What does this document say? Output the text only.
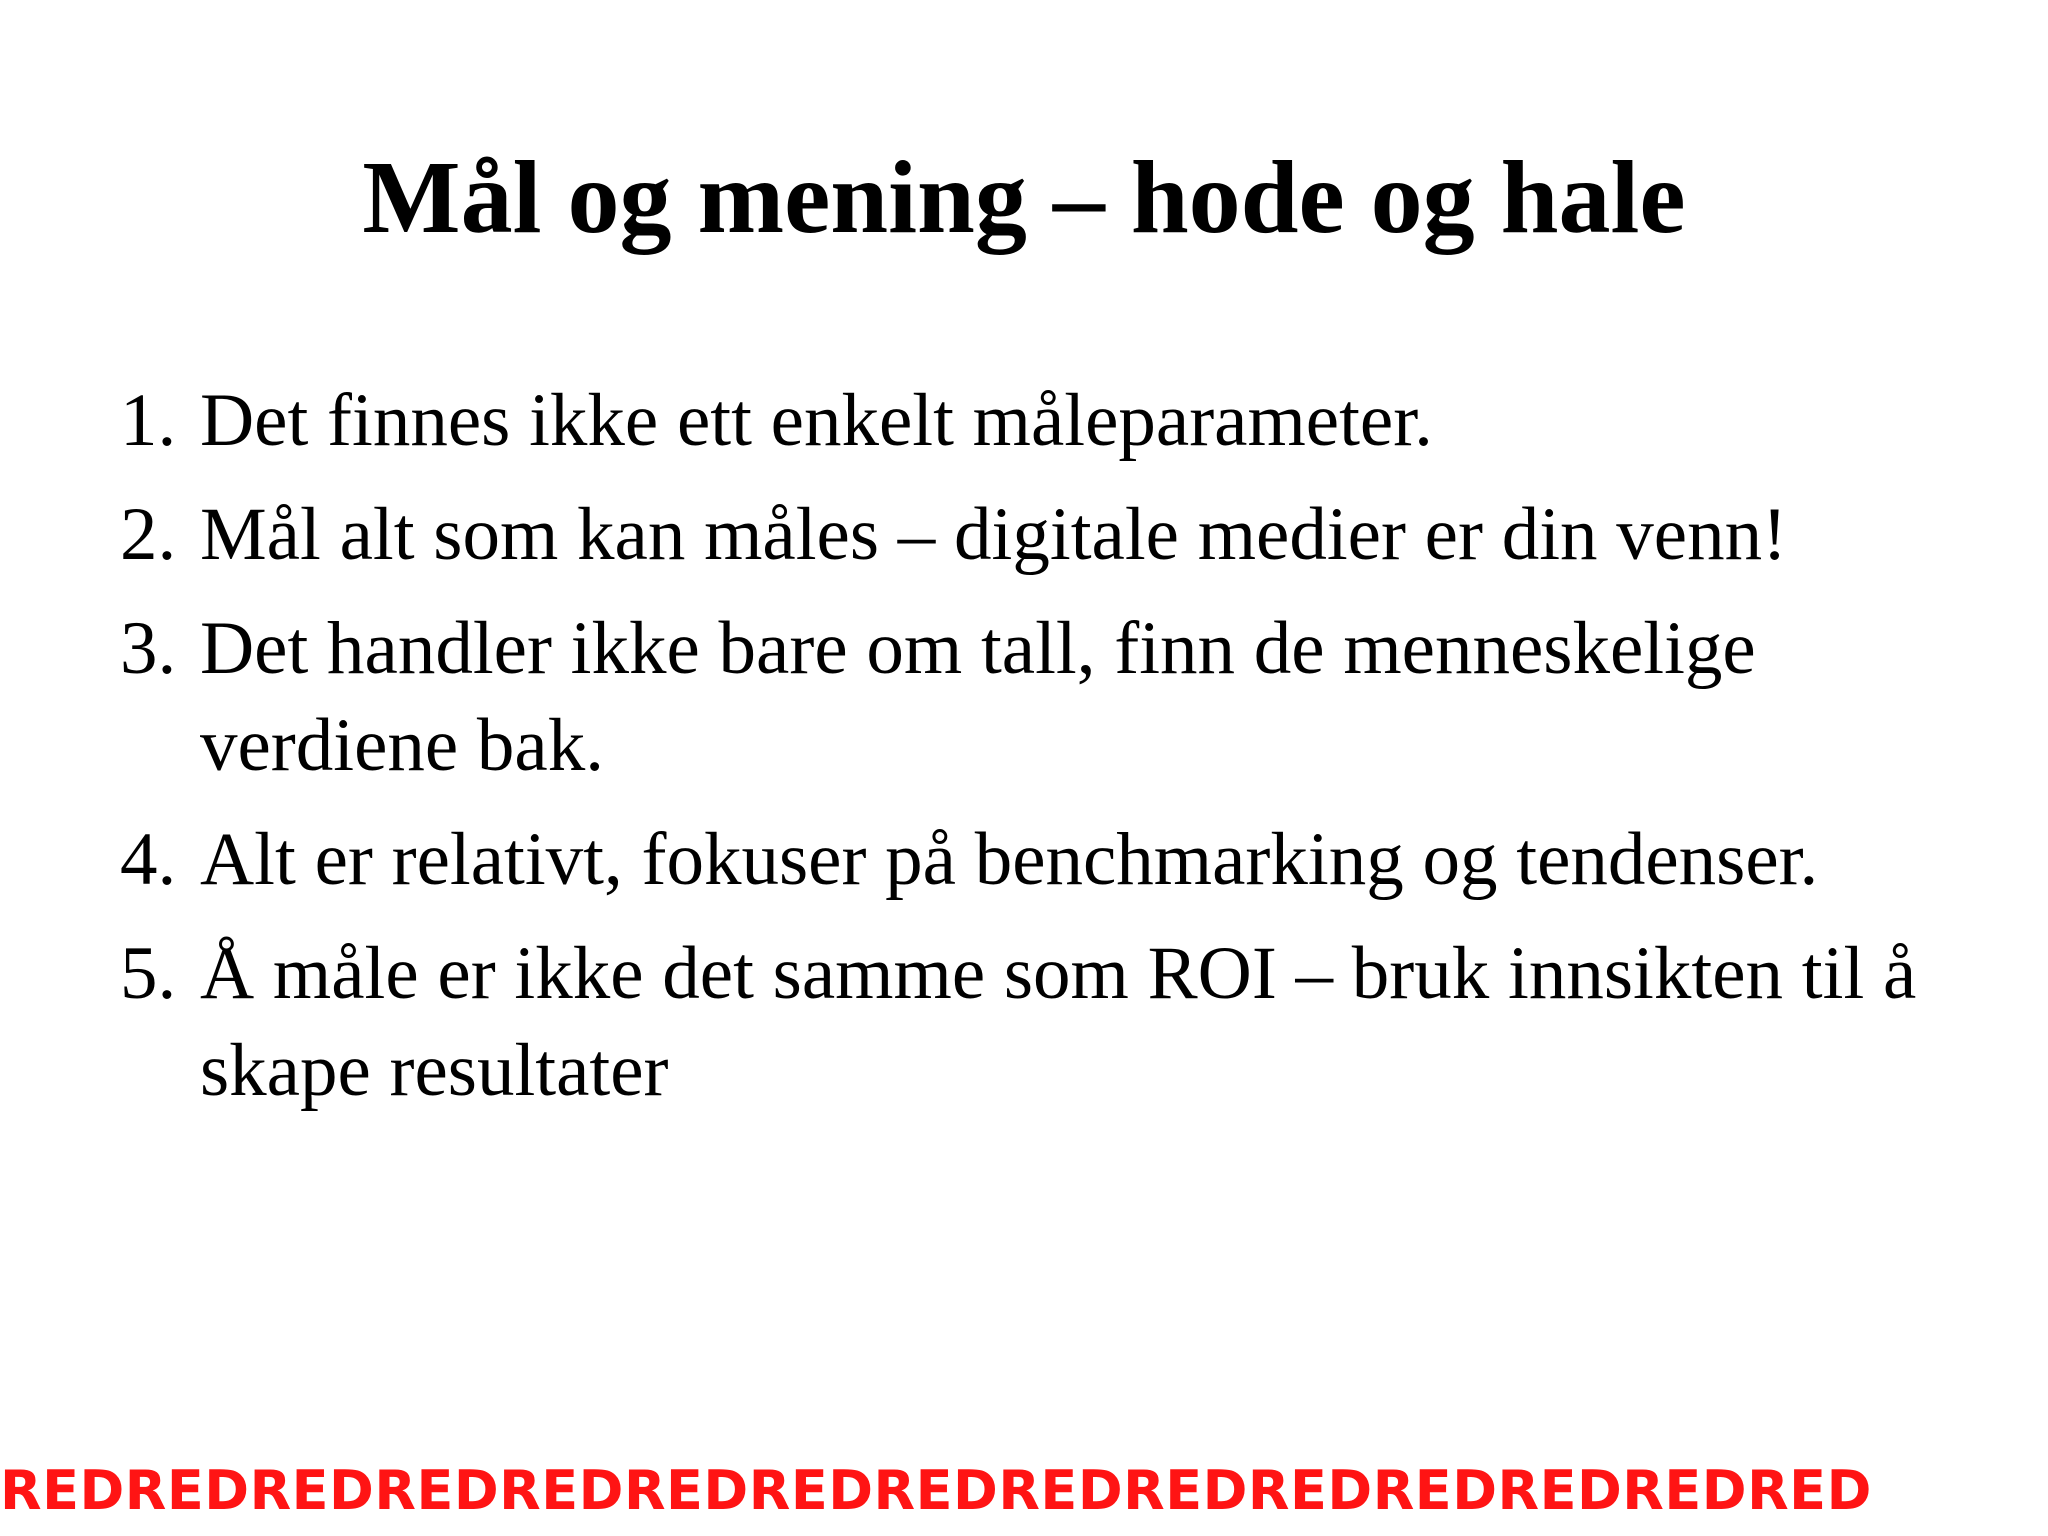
Mål og mening – hode og hale
1. Det finnes ikke ett enkelt måleparameter.
2. Mål alt som kan måles – digitale medier er din venn!
3. Det handler ikke bare om tall, finn de menneskelige verdiene bak.
4. Alt er relativt, fokuser på benchmarking og tendenser.
5. Å måle er ikke det samme som ROI – bruk innsikten til å skape resultater
REDREDREDREDREDREDREDREDREDREDREDREDREDREDRED
